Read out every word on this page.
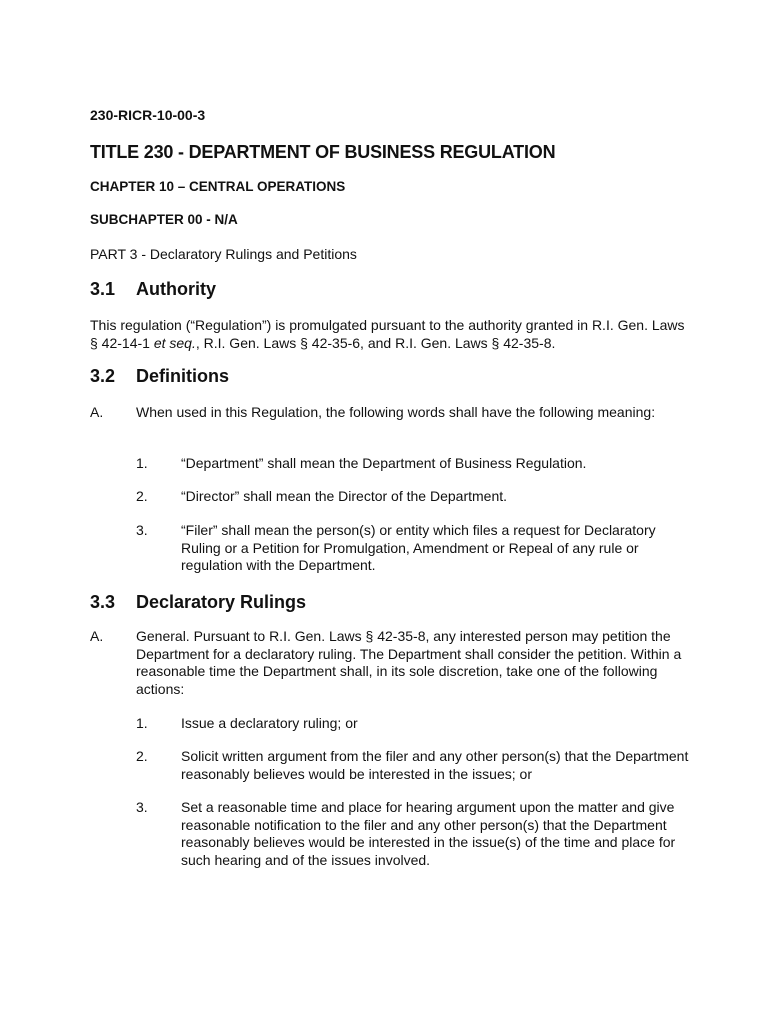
230-RICR-10-00-3

TITLE 230 - DEPARTMENT OF BUSINESS REGULATION

CHAPTER 10 – CENTRAL OPERATIONS

SUBCHAPTER 00 - N/A

PART 3 - Declaratory Rulings and Petitions

3.1 Authority

This regulation (“Regulation”) is promulgated pursuant to the authority granted in R.I. Gen. Laws § 42-14-1 et seq., R.I. Gen. Laws § 42-35-6, and R.I. Gen. Laws § 42-35-8.

3.2 Definitions

A. When used in this Regulation, the following words shall have the following meaning:

1. “Department” shall mean the Department of Business Regulation.

2. “Director” shall mean the Director of the Department.

3. “Filer” shall mean the person(s) or entity which files a request for Declaratory Ruling or a Petition for Promulgation, Amendment or Repeal of any rule or regulation with the Department.

3.3 Declaratory Rulings

A. General. Pursuant to R.I. Gen. Laws § 42-35-8, any interested person may petition the Department for a declaratory ruling. The Department shall consider the petition. Within a reasonable time the Department shall, in its sole discretion, take one of the following actions:

1. Issue a declaratory ruling; or

2. Solicit written argument from the filer and any other person(s) that the Department reasonably believes would be interested in the issues; or

3. Set a reasonable time and place for hearing argument upon the matter and give reasonable notification to the filer and any other person(s) that the Department reasonably believes would be interested in the issue(s) of the time and place for such hearing and of the issues involved.
